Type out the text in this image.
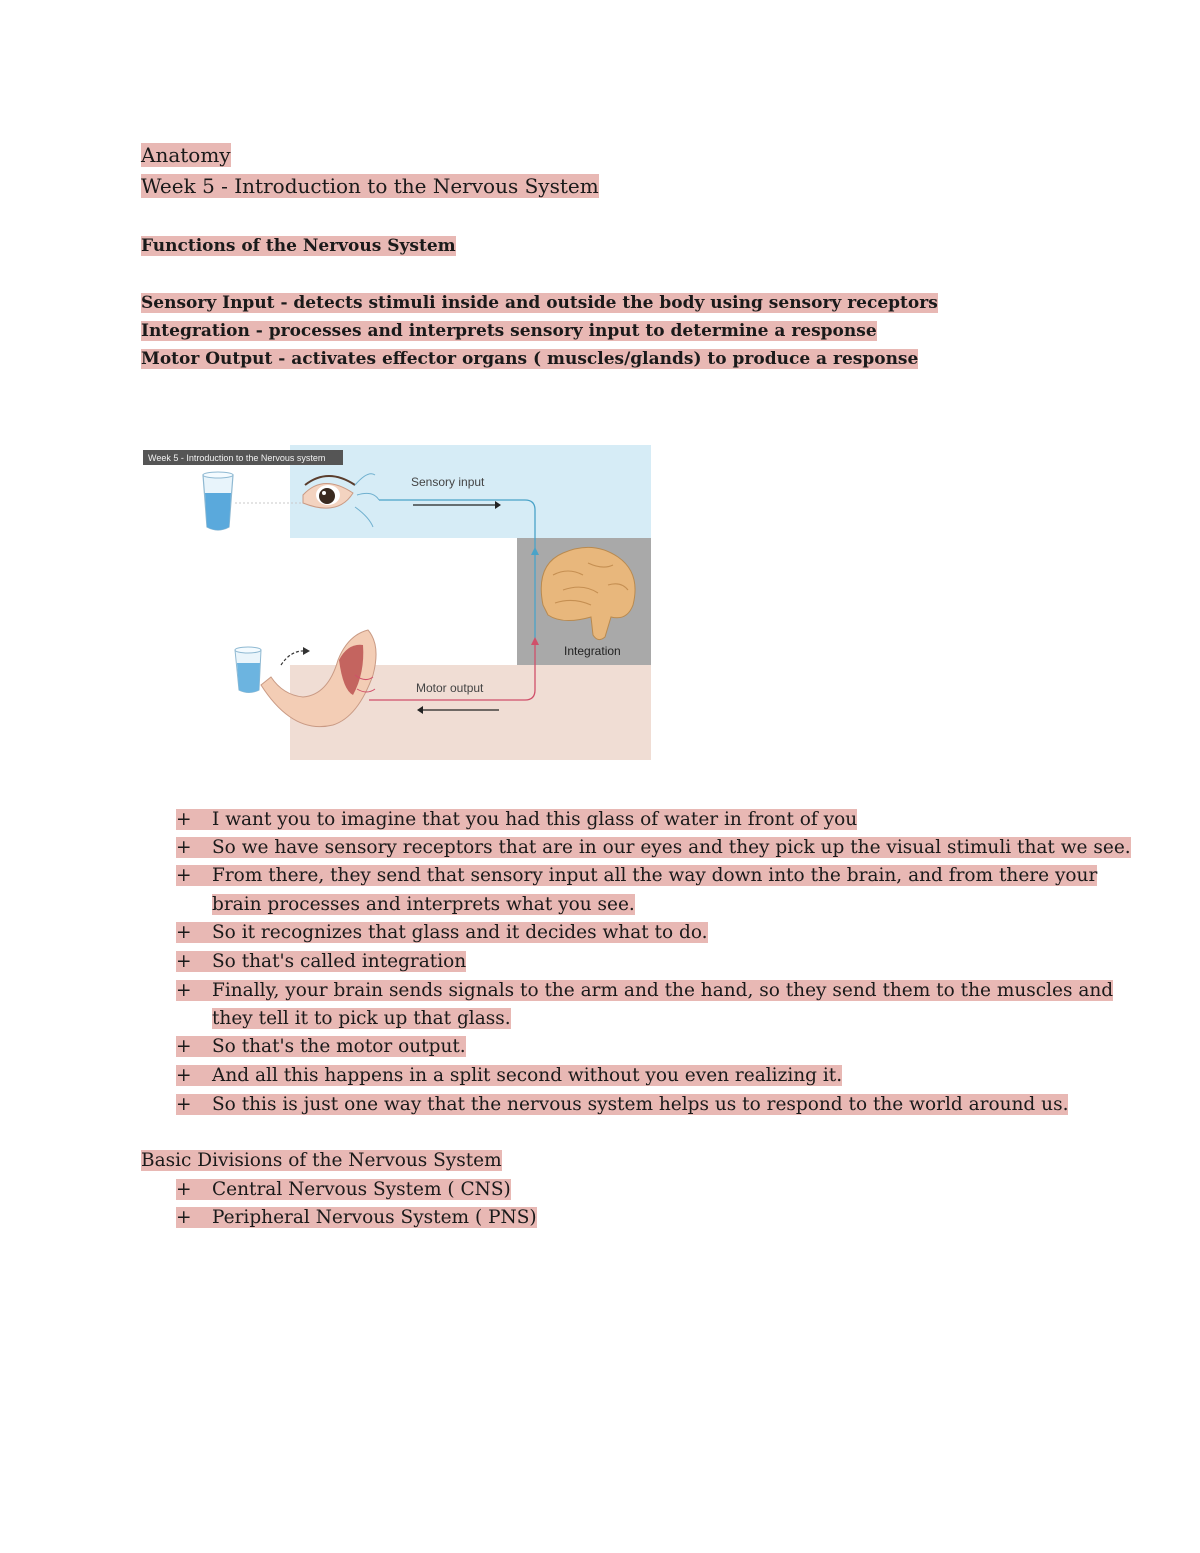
Anatomy
Week 5 - Introduction to the Nervous System
Functions of the Nervous System
Sensory Input - detects stimuli inside and outside the body using sensory receptors
Integration - processes and interprets sensory input to determine a response
Motor Output - activates effector organs ( muscles/glands) to produce a response
Week 5 - Introduction to the Nervous system
Sensory input
Integration
Motor output
+ I want you to imagine that you had this glass of water in front of you
+ So we have sensory receptors that are in our eyes and they pick up the visual stimuli that we see.
+ From there, they send that sensory input all the way down into the brain, and from there your
brain processes and interprets what you see.
+ So it recognizes that glass and it decides what to do.
+ So that's called integration
+ Finally, your brain sends signals to the arm and the hand, so they send them to the muscles and
they tell it to pick up that glass.
+ So that's the motor output.
+ And all this happens in a split second without you even realizing it.
+ So this is just one way that the nervous system helps us to respond to the world around us.
Basic Divisions of the Nervous System
+ Central Nervous System ( CNS)
+ Peripheral Nervous System ( PNS)
